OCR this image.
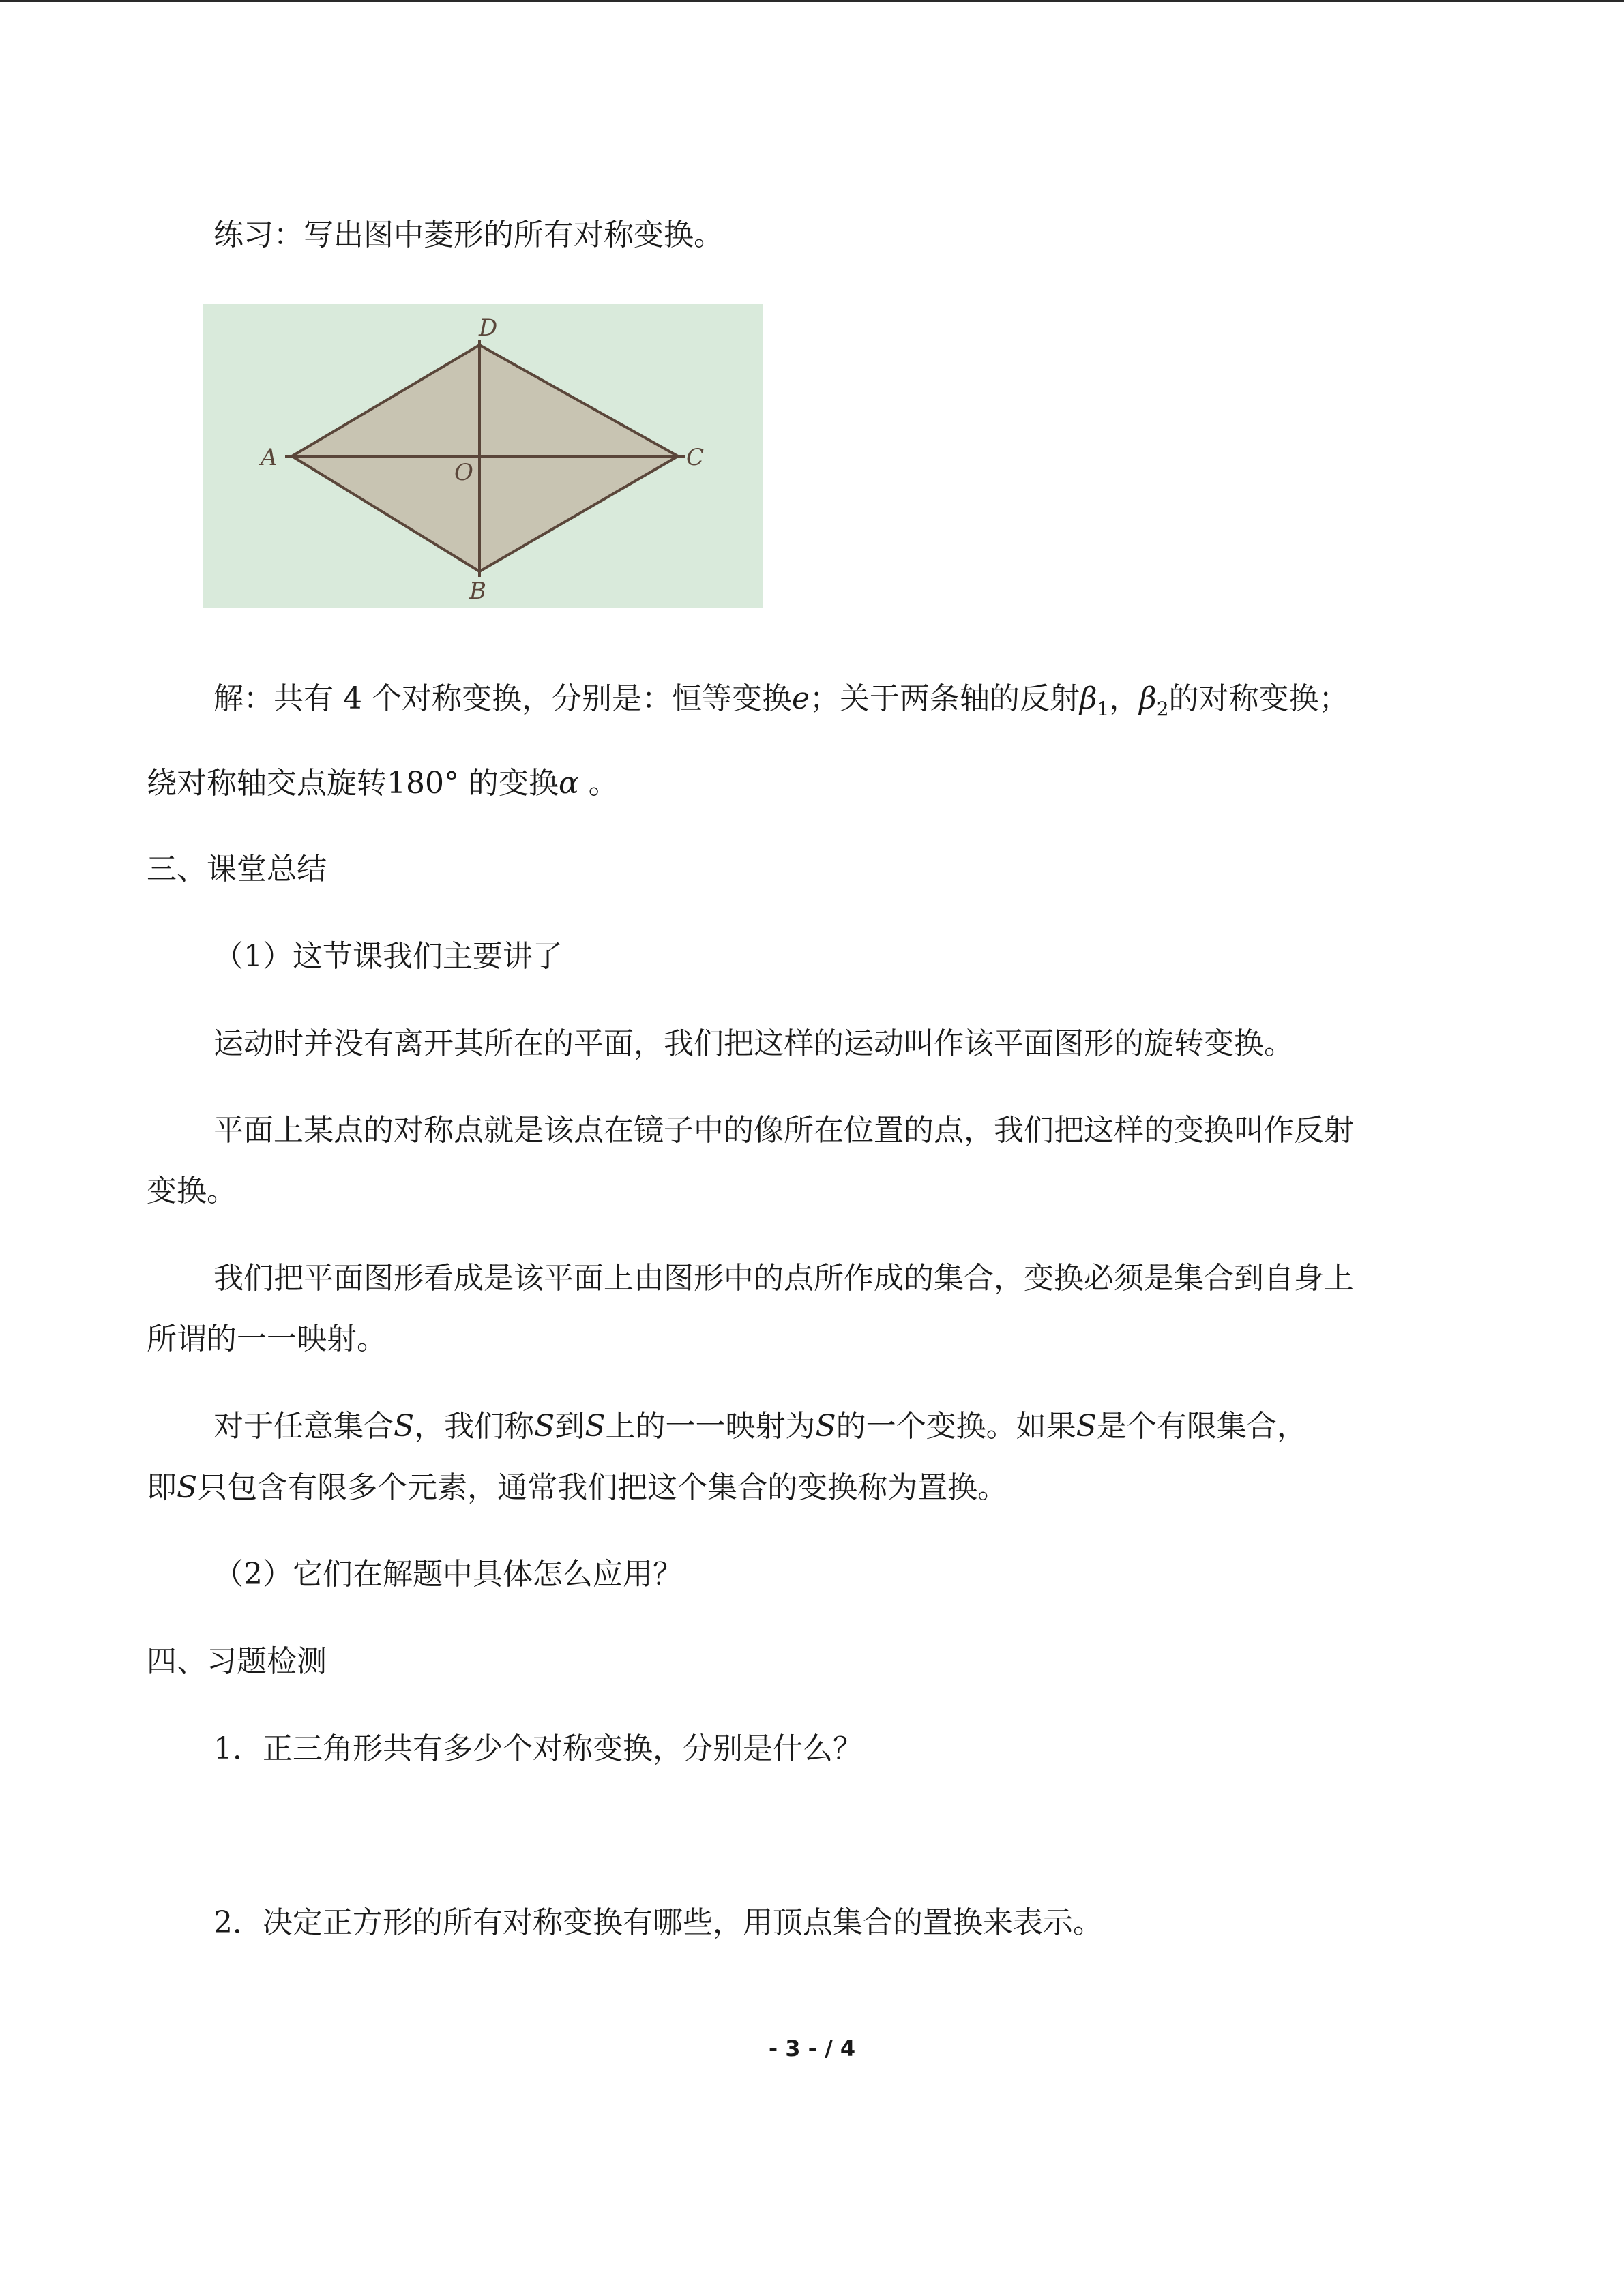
练习：写出图中菱形的所有对称变换。
A	C
D
B
O
解：共有 4 个对称变换，分别是：恒等变换e；关于两条轴的反射$\beta_1$，$\beta_2$的对称变换；
绕对称轴交点旋转180° 的变换α 。
三、课堂总结
（1）这节课我们主要讲了
运动时并没有离开其所在的平面，我们把这样的运动叫作该平面图形的旋转变换。
平面上某点的对称点就是该点在镜子中的像所在位置的点，我们把这样的变换叫作反射
变换。
我们把平面图形看成是该平面上由图形中的点所作成的集合，变换必须是集合到自身上
所谓的一一映射。
对于任意集合S，我们称S到S上的一一映射为S的一个变换。如果S是个有限集合，
即S只包含有限多个元素，通常我们把这个集合的变换称为置换。
（2）它们在解题中具体怎么应用？
四、习题检测
1．正三角形共有多少个对称变换，分别是什么？
2．决定正方形的所有对称变换有哪些，用顶点集合的置换来表示。
- 3 - / 4
